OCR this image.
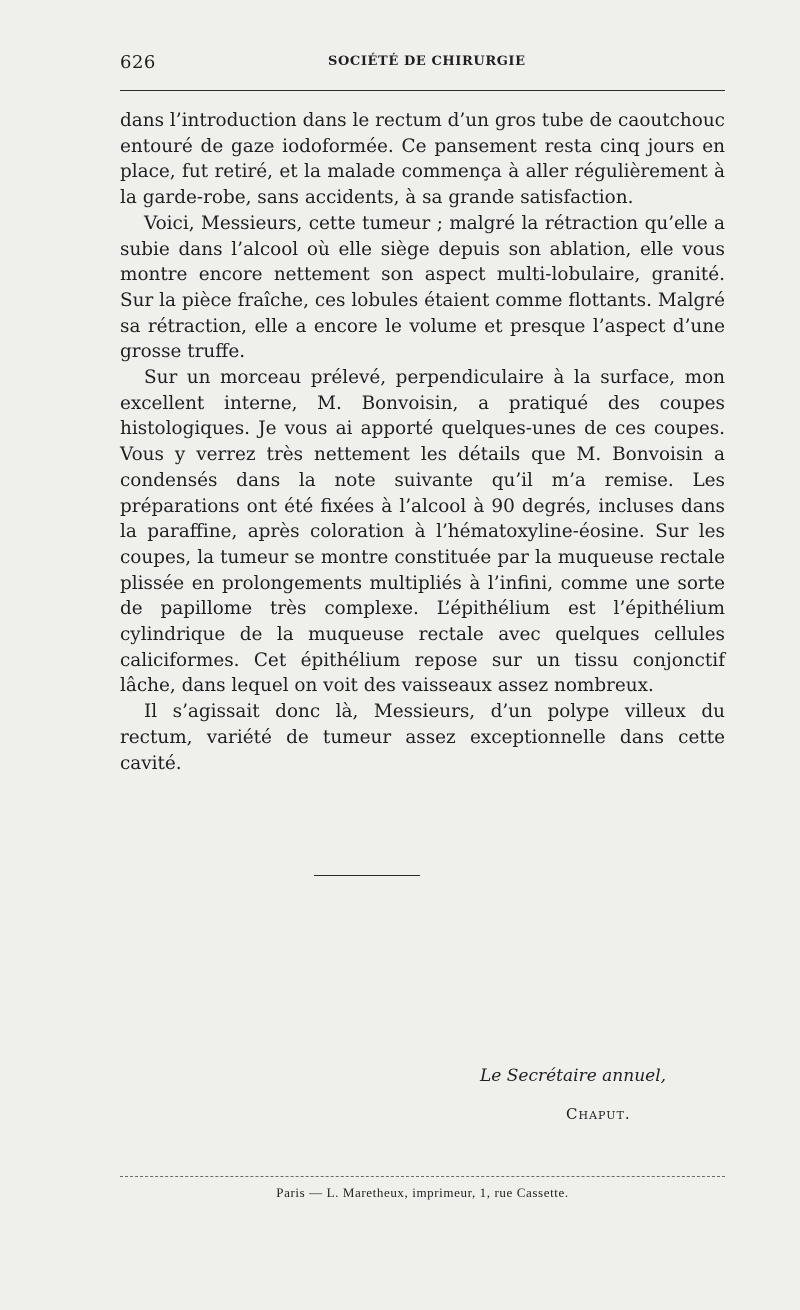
626	SOCIÉTÉ DE CHIRURGIE

dans l’introduction dans le rectum d’un gros tube de caoutchouc entouré de gaze iodoformée. Ce pansement resta cinq jours en place, fut retiré, et la malade commença à aller régulièrement à la garde-robe, sans accidents, à sa grande satisfaction.

Voici, Messieurs, cette tumeur ; malgré la rétraction qu’elle a subie dans l’alcool où elle siège depuis son ablation, elle vous montre encore nettement son aspect multi-lobulaire, granité. Sur la pièce fraîche, ces lobules étaient comme flottants. Malgré sa rétraction, elle a encore le volume et presque l’aspect d’une grosse truffe.

Sur un morceau prélevé, perpendiculaire à la surface, mon excellent interne, M. Bonvoisin, a pratiqué des coupes histologiques. Je vous ai apporté quelques-unes de ces coupes. Vous y verrez très nettement les détails que M. Bonvoisin a condensés dans la note suivante qu’il m’a remise. Les préparations ont été fixées à l’alcool à 90 degrés, incluses dans la paraffine, après coloration à l’hématoxyline-éosine. Sur les coupes, la tumeur se montre constituée par la muqueuse rectale plissée en prolongements multipliés à l’infini, comme une sorte de papillome très complexe. L’épithélium est l’épithélium cylindrique de la muqueuse rectale avec quelques cellules caliciformes. Cet épithélium repose sur un tissu conjonctif lâche, dans lequel on voit des vaisseaux assez nombreux.

Il s’agissait donc là, Messieurs, d’un polype villeux du rectum, variété de tumeur assez exceptionnelle dans cette cavité.

Le Secrétaire annuel,
Chaput.
Paris — L. Maretheux, imprimeur, 1, rue Cassette.
